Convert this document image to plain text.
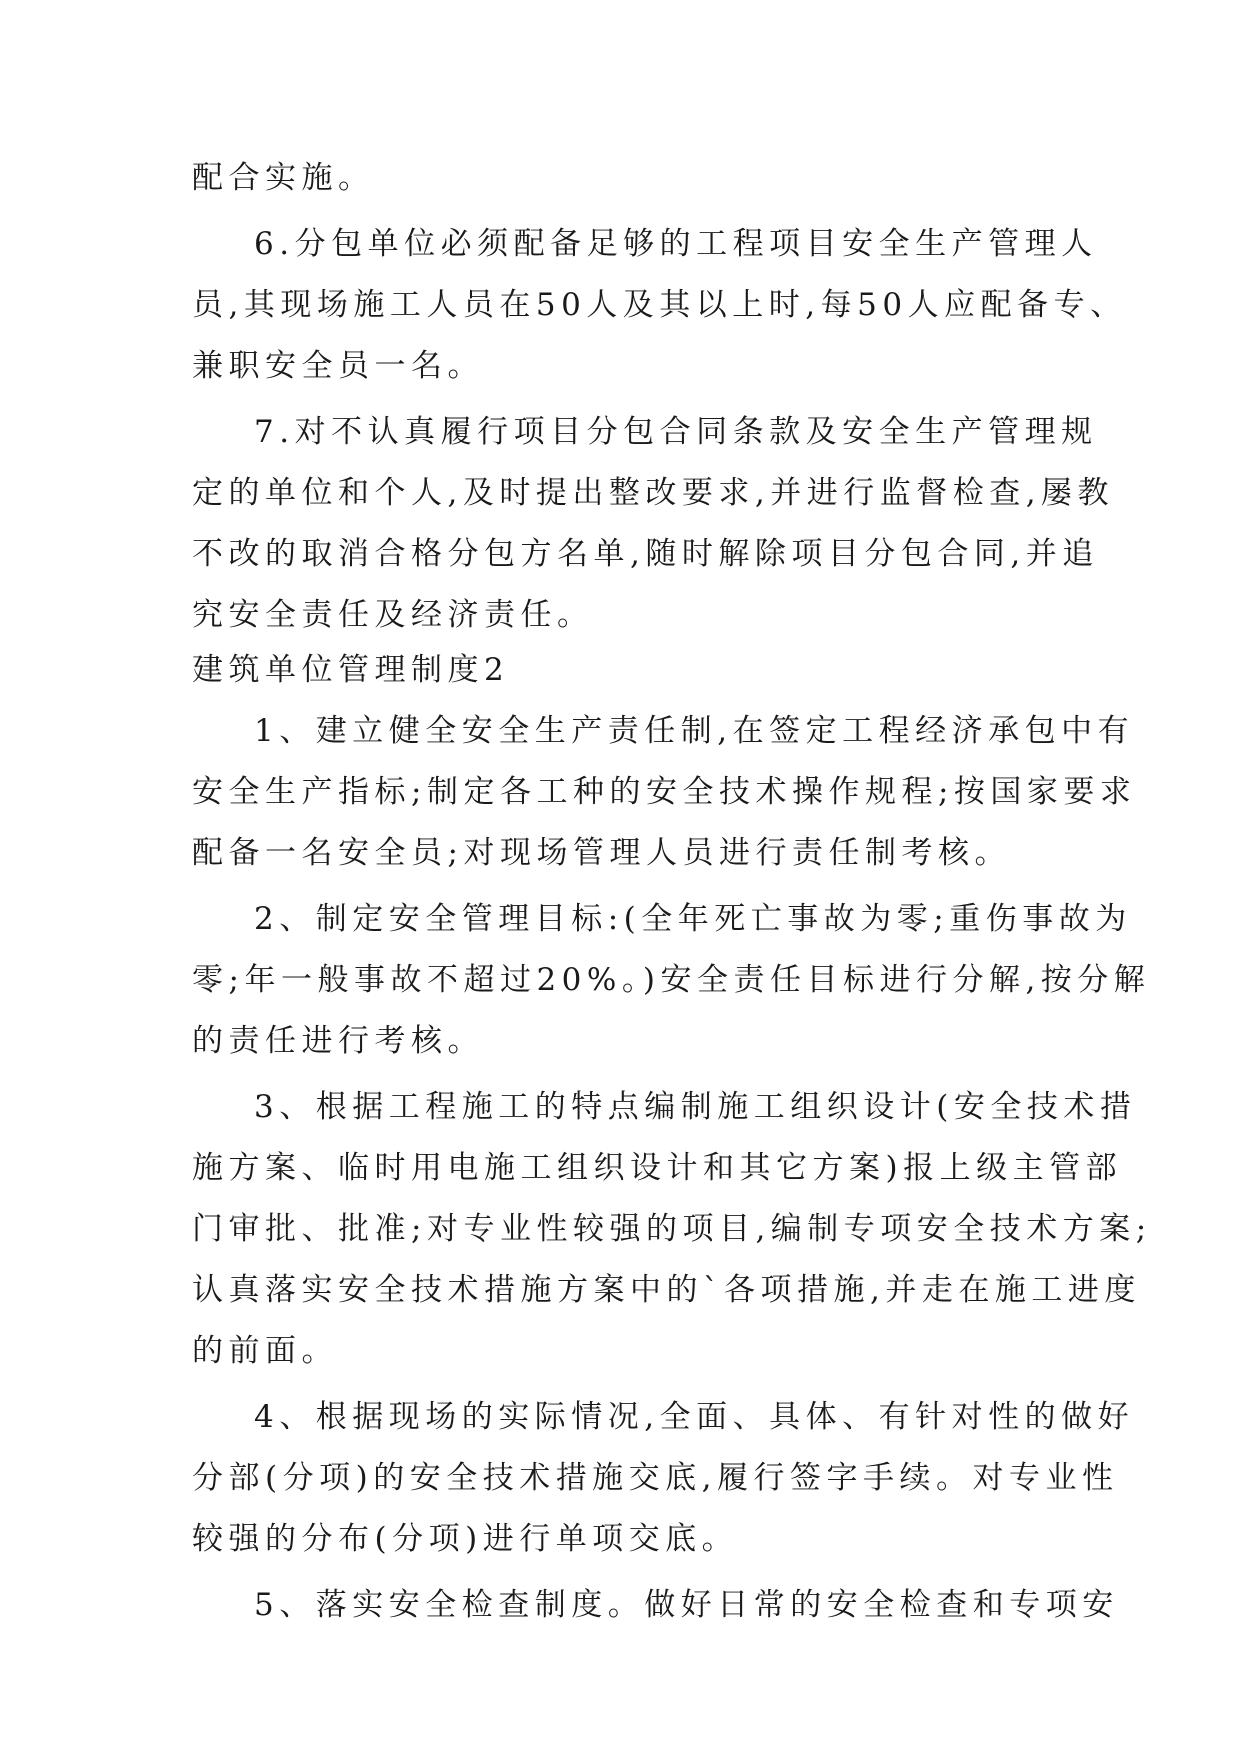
配合实施。
6.分包单位必须配备足够的工程项目安全生产管理人
员,其现场施工人员在50人及其以上时,每50人应配备专、
兼职安全员一名。
7.对不认真履行项目分包合同条款及安全生产管理规
定的单位和个人,及时提出整改要求,并进行监督检查,屡教
不改的取消合格分包方名单,随时解除项目分包合同,并追
究安全责任及经济责任。
建筑单位管理制度2
1、建立健全安全生产责任制,在签定工程经济承包中有
安全生产指标;制定各工种的安全技术操作规程;按国家要求
配备一名安全员;对现场管理人员进行责任制考核。
2、制定安全管理目标:(全年死亡事故为零;重伤事故为
零;年一般事故不超过20%。)安全责任目标进行分解,按分解
的责任进行考核。
3、根据工程施工的特点编制施工组织设计(安全技术措
施方案、临时用电施工组织设计和其它方案)报上级主管部
门审批、批准;对专业性较强的项目,编制专项安全技术方案;
认真落实安全技术措施方案中的`各项措施,并走在施工进度
的前面。
4、根据现场的实际情况,全面、具体、有针对性的做好
分部(分项)的安全技术措施交底,履行签字手续。对专业性
较强的分布(分项)进行单项交底。
5、落实安全检查制度。做好日常的安全检查和专项安
